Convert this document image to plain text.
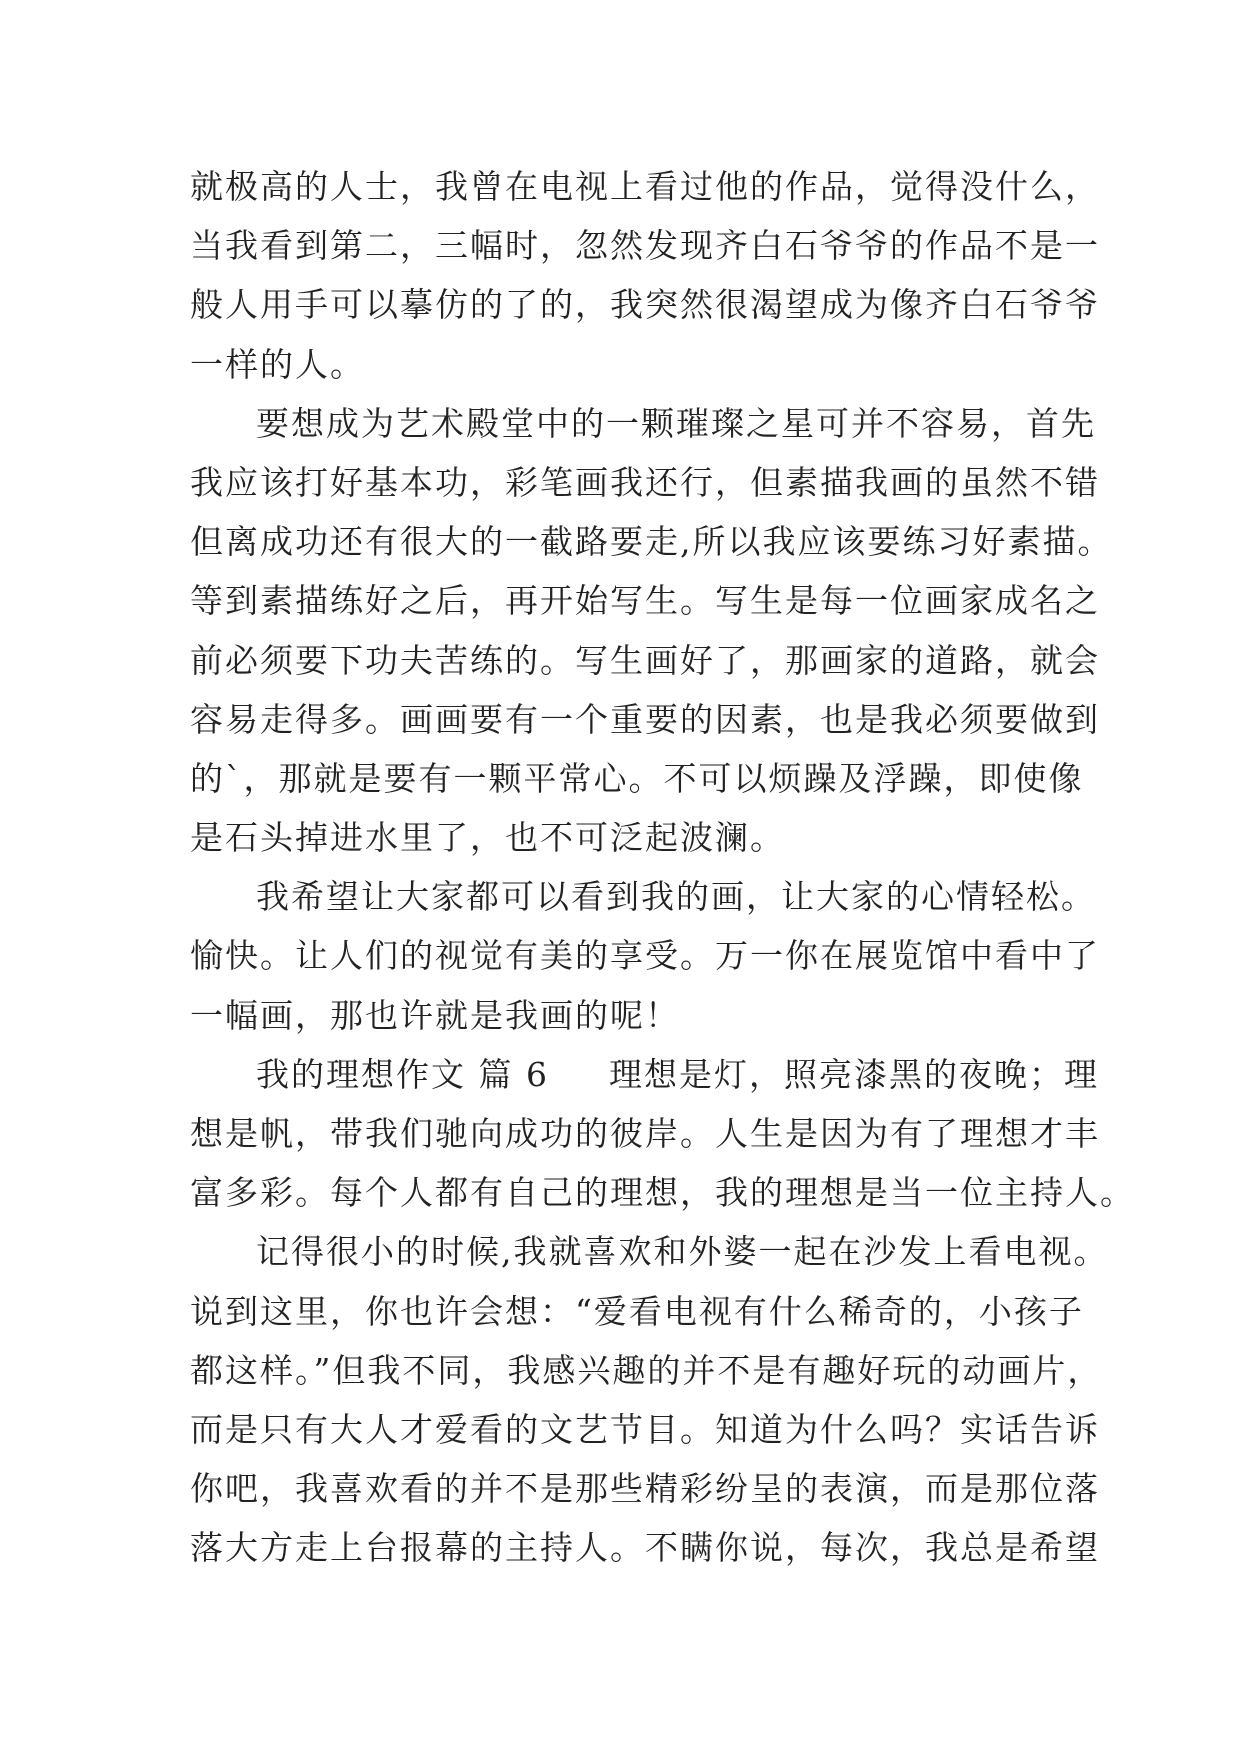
就极高的人士，我曾在电视上看过他的作品，觉得没什么，
当我看到第二，三幅时，忽然发现齐白石爷爷的作品不是一
般人用手可以摹仿的了的，我突然很渴望成为像齐白石爷爷
一样的人。
要想成为艺术殿堂中的一颗璀璨之星可并不容易，首先
我应该打好基本功，彩笔画我还行，但素描我画的虽然不错
但离成功还有很大的一截路要走,所以我应该要练习好素描。
等到素描练好之后，再开始写生。写生是每一位画家成名之
前必须要下功夫苦练的。写生画好了，那画家的道路，就会
容易走得多。画画要有一个重要的因素，也是我必须要做到
的`，那就是要有一颗平常心。不可以烦躁及浮躁，即使像
是石头掉进水里了，也不可泛起波澜。
我希望让大家都可以看到我的画，让大家的心情轻松。
愉快。让人们的视觉有美的享受。万一你在展览馆中看中了
一幅画，那也许就是我画的呢！
我的理想作文 篇 6 理想是灯，照亮漆黑的夜晚；理
想是帆，带我们驰向成功的彼岸。人生是因为有了理想才丰
富多彩。每个人都有自己的理想，我的理想是当一位主持人。
记得很小的时候,我就喜欢和外婆一起在沙发上看电视。
说到这里，你也许会想：“爱看电视有什么稀奇的，小孩子
都这样。”但我不同，我感兴趣的并不是有趣好玩的动画片，
而是只有大人才爱看的文艺节目。知道为什么吗？实话告诉
你吧，我喜欢看的并不是那些精彩纷呈的表演，而是那位落
落大方走上台报幕的主持人。不瞒你说，每次，我总是希望
